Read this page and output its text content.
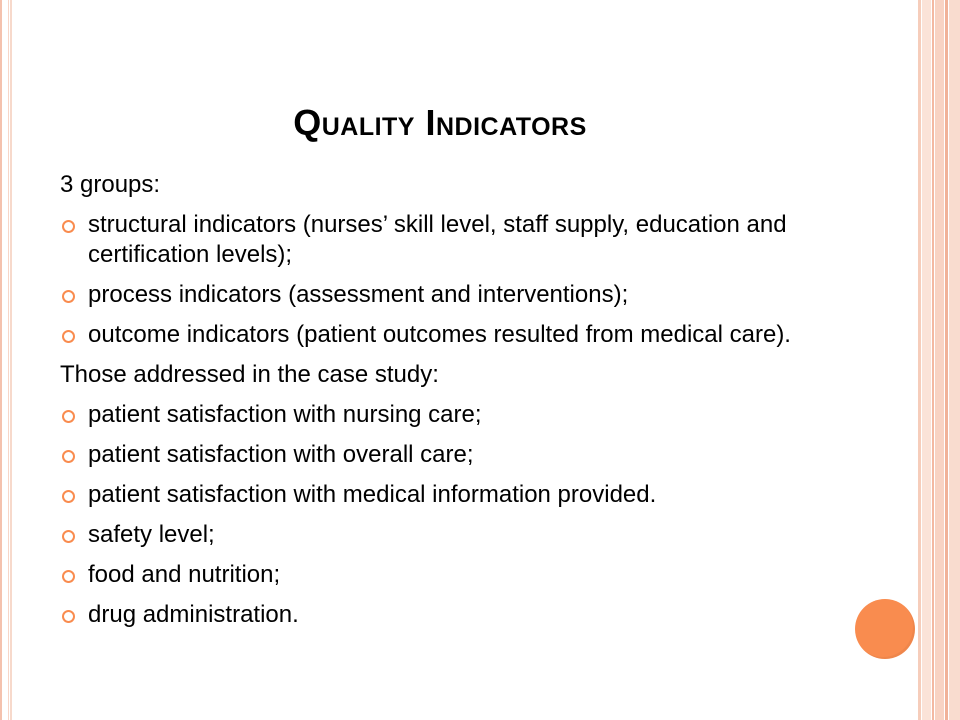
Quality Indicators

3 groups:

structural indicators (nurses’ skill level, staff supply, education and certification levels);

process indicators (assessment and interventions);

outcome indicators (patient outcomes resulted from medical care).

Those addressed in the case study:

patient satisfaction with nursing care;

patient satisfaction with overall care;

patient satisfaction with medical information provided.

safety level;

food and nutrition;

drug administration.
